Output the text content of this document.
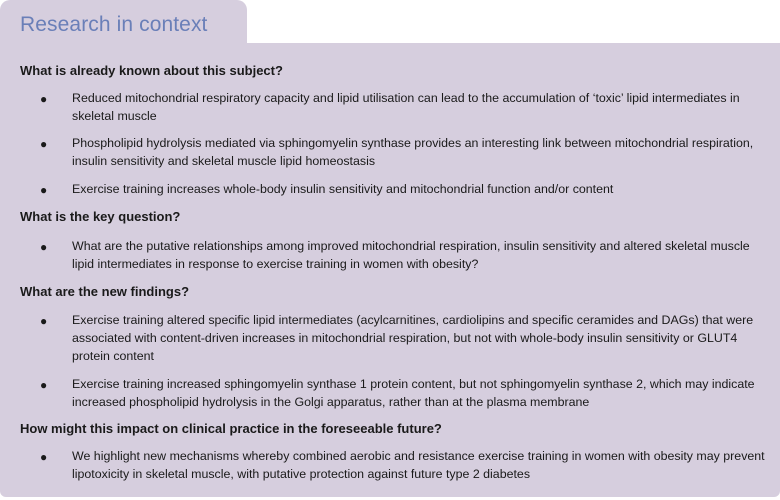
Research in context
What is already known about this subject?
● Reduced mitochondrial respiratory capacity and lipid utilisation can lead to the accumulation of ‘toxic’ lipid intermediates in skeletal muscle
● Phospholipid hydrolysis mediated via sphingomyelin synthase provides an interesting link between mitochondrial respiration, insulin sensitivity and skeletal muscle lipid homeostasis
● Exercise training increases whole-body insulin sensitivity and mitochondrial function and/or content
What is the key question?
● What are the putative relationships among improved mitochondrial respiration, insulin sensitivity and altered skeletal muscle lipid intermediates in response to exercise training in women with obesity?
What are the new findings?
● Exercise training altered specific lipid intermediates (acylcarnitines, cardiolipins and specific ceramides and DAGs) that were associated with content-driven increases in mitochondrial respiration, but not with whole-body insulin sensitivity or GLUT4 protein content
● Exercise training increased sphingomyelin synthase 1 protein content, but not sphingomyelin synthase 2, which may indicate increased phospholipid hydrolysis in the Golgi apparatus, rather than at the plasma membrane
How might this impact on clinical practice in the foreseeable future?
● We highlight new mechanisms whereby combined aerobic and resistance exercise training in women with obesity may prevent lipotoxicity in skeletal muscle, with putative protection against future type 2 diabetes
